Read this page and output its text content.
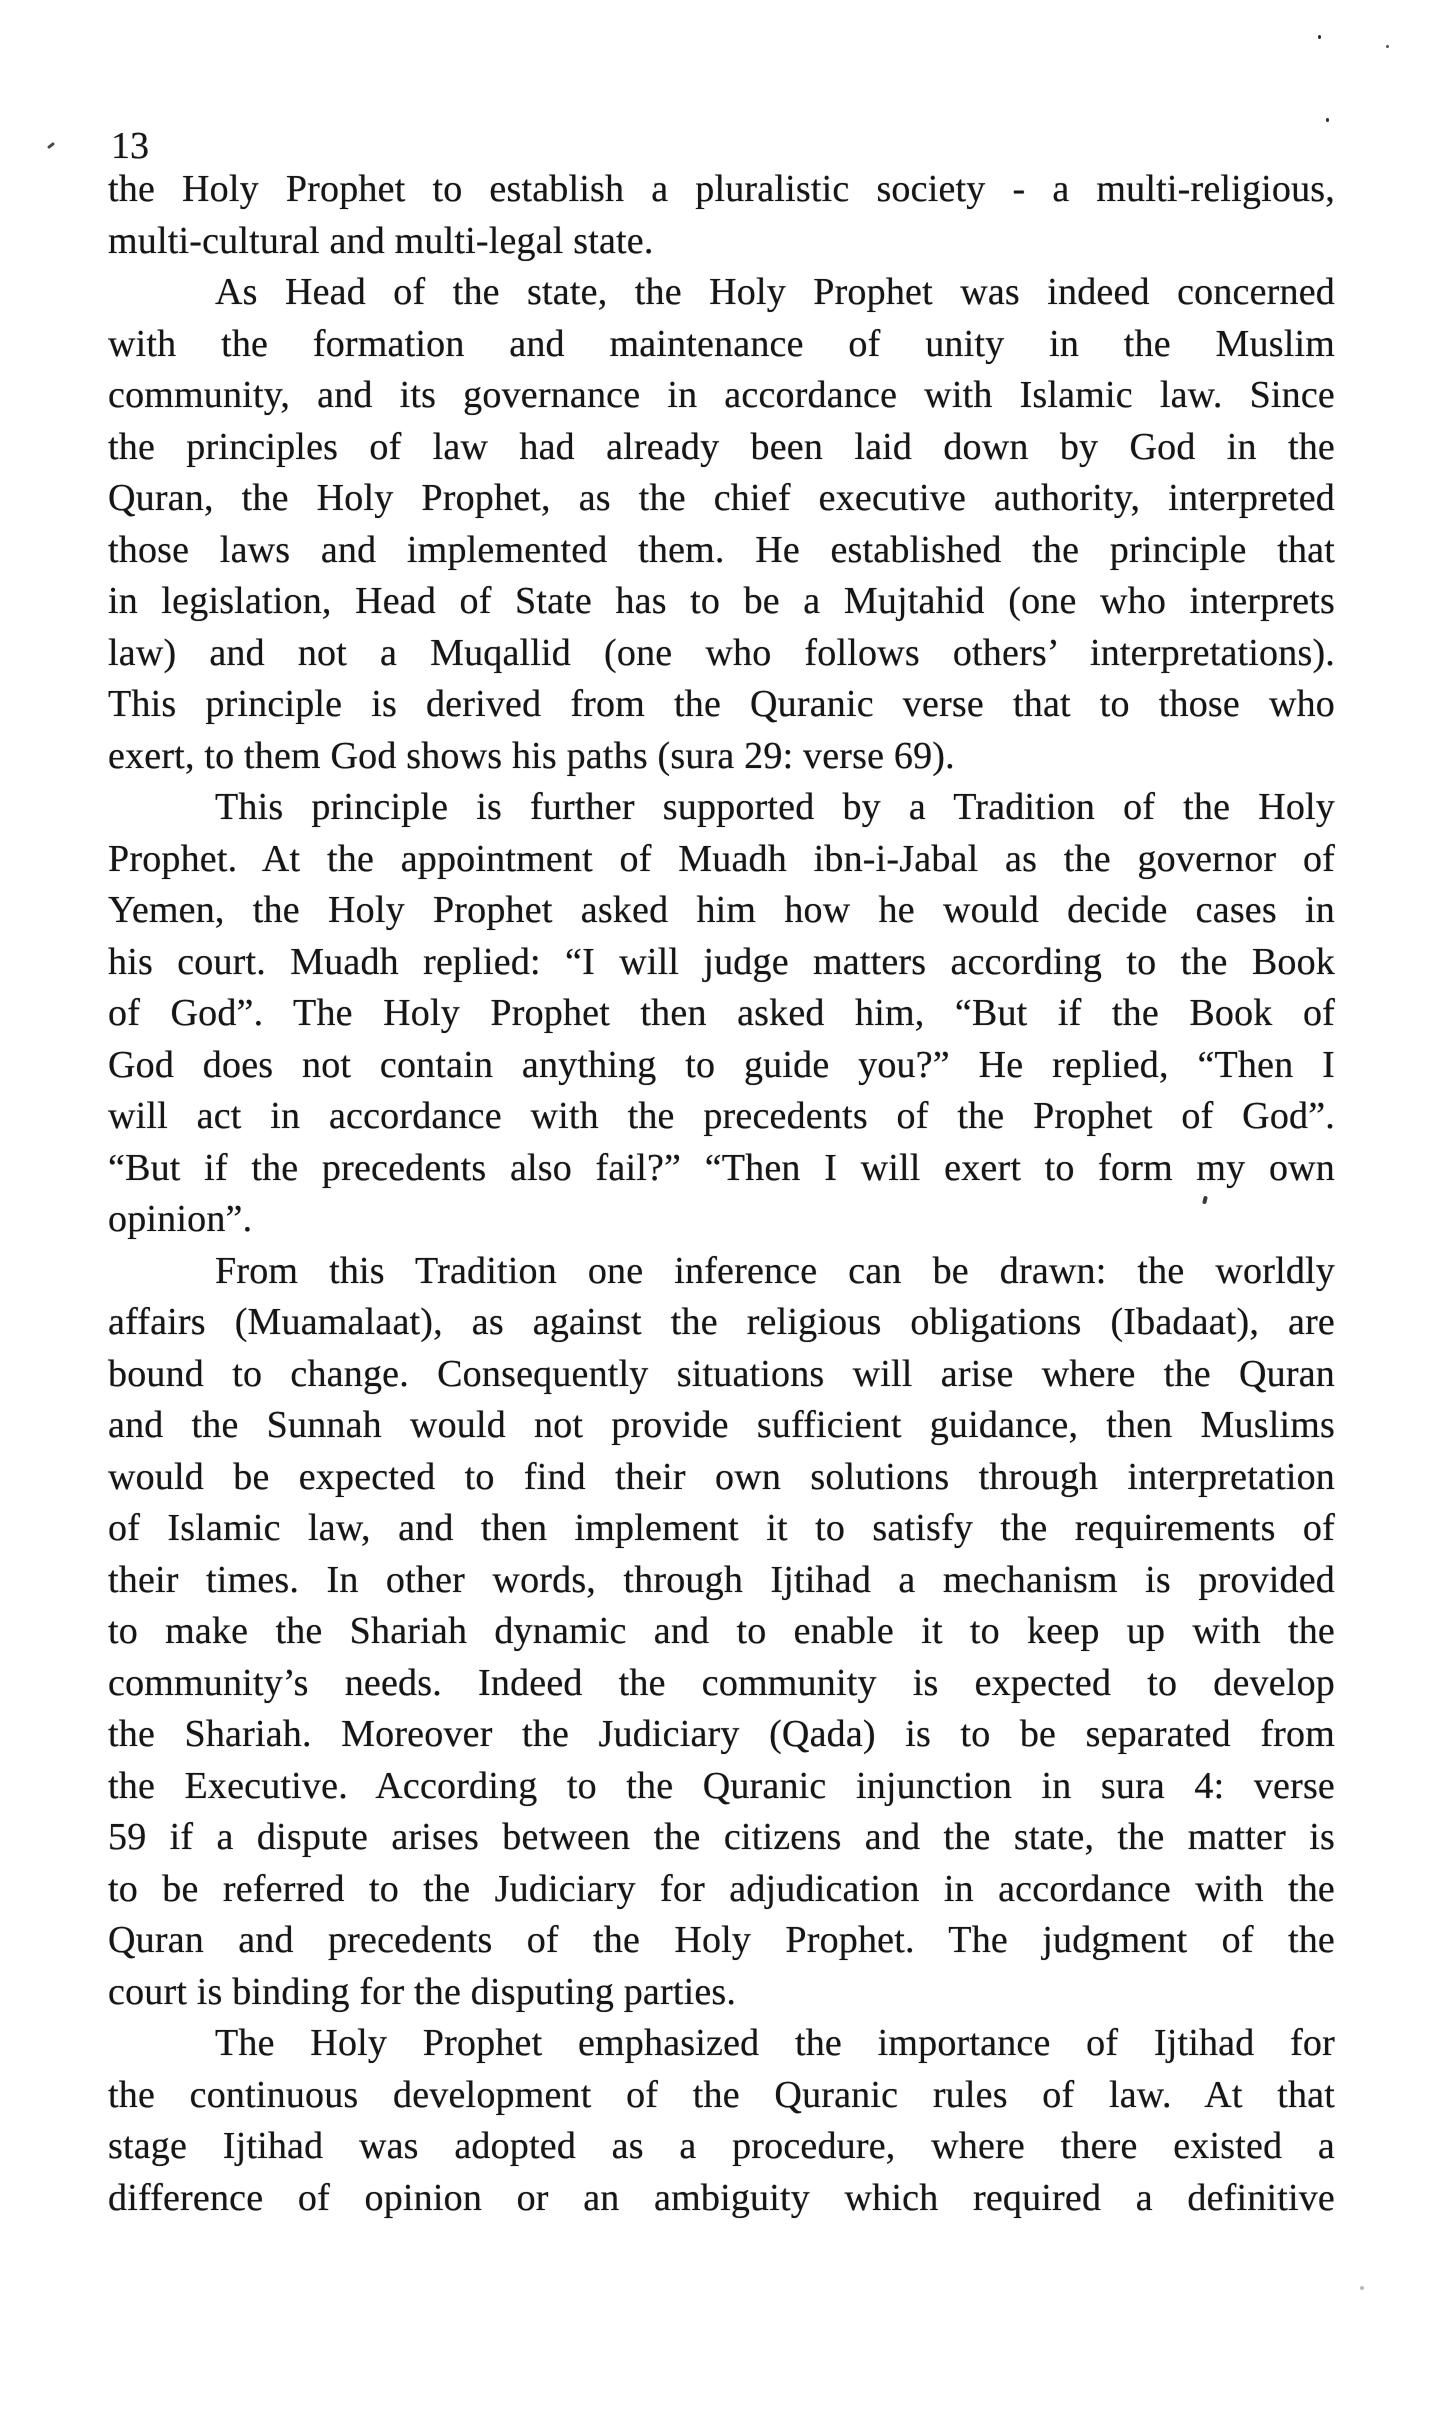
13
the Holy Prophet to establish a pluralistic society - a multi-religious,
multi-cultural and multi-legal state.
As Head of the state, the Holy Prophet was indeed concerned
with the formation and maintenance of unity in the Muslim
community, and its governance in accordance with Islamic law. Since
the principles of law had already been laid down by God in the
Quran, the Holy Prophet, as the chief executive authority, interpreted
those laws and implemented them. He established the principle that
in legislation, Head of State has to be a Mujtahid (one who interprets
law) and not a Muqallid (one who follows others’ interpretations).
This principle is derived from the Quranic verse that to those who
exert, to them God shows his paths (sura 29: verse 69).
This principle is further supported by a Tradition of the Holy
Prophet. At the appointment of Muadh ibn-i-Jabal as the governor of
Yemen, the Holy Prophet asked him how he would decide cases in
his court. Muadh replied: “I will judge matters according to the Book
of God”. The Holy Prophet then asked him, “But if the Book of
God does not contain anything to guide you?” He replied, “Then I
will act in accordance with the precedents of the Prophet of God”.
“But if the precedents also fail?” “Then I will exert to form my own
opinion”.
From this Tradition one inference can be drawn: the worldly
affairs (Muamalaat), as against the religious obligations (Ibadaat), are
bound to change. Consequently situations will arise where the Quran
and the Sunnah would not provide sufficient guidance, then Muslims
would be expected to find their own solutions through interpretation
of Islamic law, and then implement it to satisfy the requirements of
their times. In other words, through Ijtihad a mechanism is provided
to make the Shariah dynamic and to enable it to keep up with the
community’s needs. Indeed the community is expected to develop
the Shariah. Moreover the Judiciary (Qada) is to be separated from
the Executive. According to the Quranic injunction in sura 4: verse
59 if a dispute arises between the citizens and the state, the matter is
to be referred to the Judiciary for adjudication in accordance with the
Quran and precedents of the Holy Prophet. The judgment of the
court is binding for the disputing parties.
The Holy Prophet emphasized the importance of Ijtihad for
the continuous development of the Quranic rules of law. At that
stage Ijtihad was adopted as a procedure, where there existed a
difference of opinion or an ambiguity which required a definitive
